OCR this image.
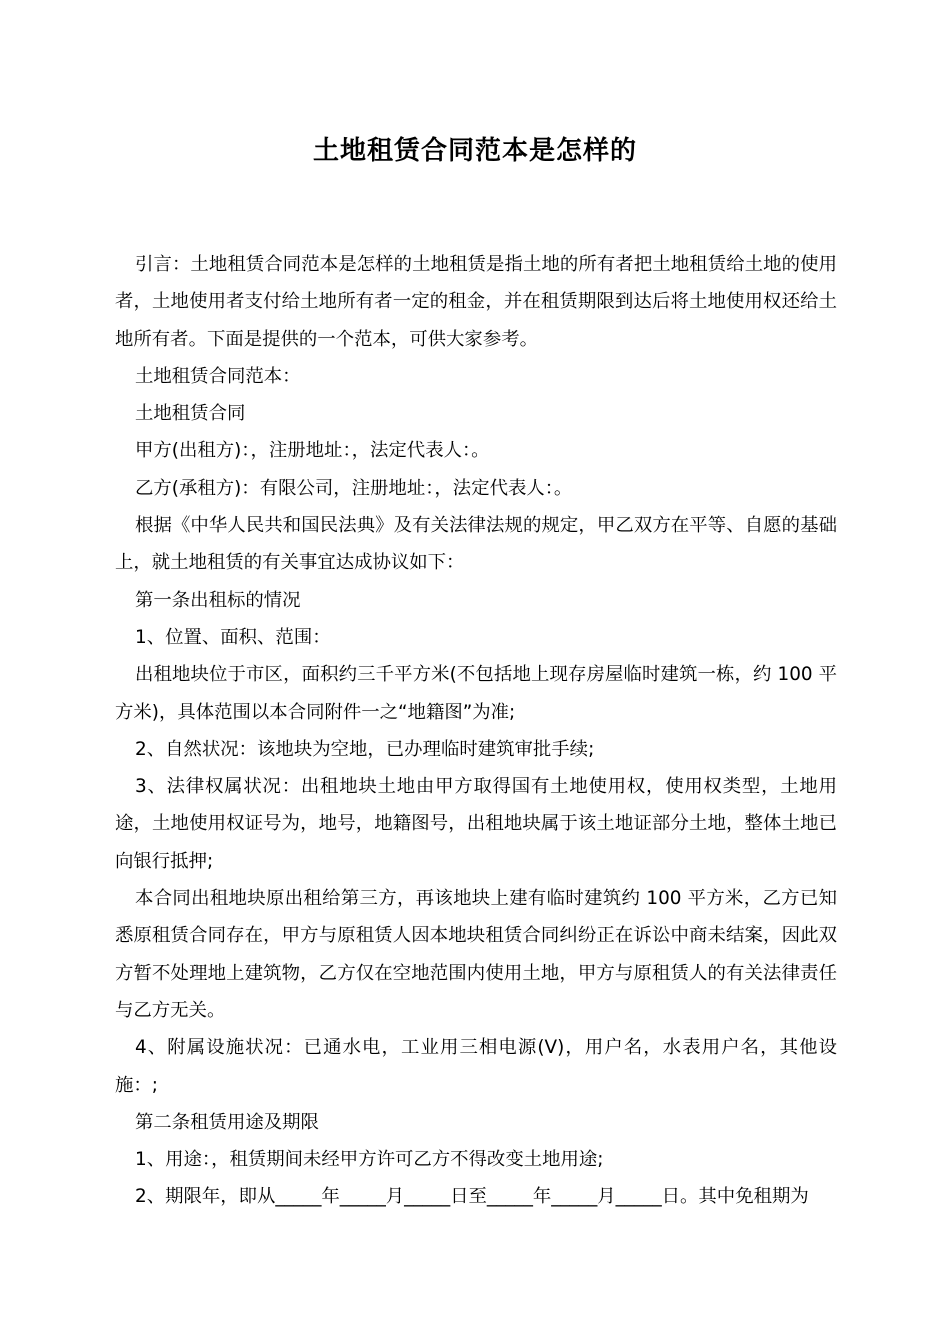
土地租赁合同范本是怎样的

引言：土地租赁合同范本是怎样的土地租赁是指土地的所有者把土地租赁给土地的使用者，土地使用者支付给土地所有者一定的租金，并在租赁期限到达后将土地使用权还给土地所有者。下面是提供的一个范本，可供大家参考。

土地租赁合同范本：

土地租赁合同

甲方(出租方)：，注册地址：，法定代表人：。

乙方(承租方)：有限公司，注册地址：，法定代表人：。

根据《中华人民共和国民法典》及有关法律法规的规定，甲乙双方在平等、自愿的基础上，就土地租赁的有关事宜达成协议如下：

第一条出租标的情况

1、位置、面积、范围：

出租地块位于市区，面积约三千平方米(不包括地上现存房屋临时建筑一栋，约 100 平方米)，具体范围以本合同附件一之“地籍图”为准;

2、自然状况：该地块为空地，已办理临时建筑审批手续;

3、法律权属状况：出租地块土地由甲方取得国有土地使用权，使用权类型，土地用途，土地使用权证号为，地号，地籍图号，出租地块属于该土地证部分土地，整体土地已向银行抵押;

本合同出租地块原出租给第三方，再该地块上建有临时建筑约 100 平方米，乙方已知悉原租赁合同存在，甲方与原租赁人因本地块租赁合同纠纷正在诉讼中商未结案，因此双方暂不处理地上建筑物，乙方仅在空地范围内使用土地，甲方与原租赁人的有关法律责任与乙方无关。

4、附属设施状况：已通水电，工业用三相电源(V)，用户名，水表用户名，其他设施：;

第二条租赁用途及期限

1、用途：，租赁期间未经甲方许可乙方不得改变土地用途;

2、期限年，即从_____年_____月_____日至_____年_____月_____日。其中免租期为
